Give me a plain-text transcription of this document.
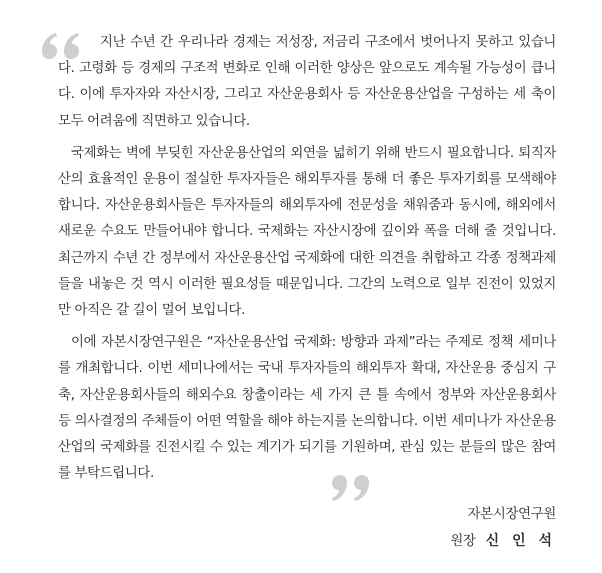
지난 수년 간 우리나라 경제는 저성장, 저금리 구조에서 벗어나지 못하고 있습니다. 고령화 등 경제의 구조적 변화로 인해 이러한 양상은 앞으로도 계속될 가능성이 큽니다. 이에 투자자와 자산시장, 그리고 자산운용회사 등 자산운용산업을 구성하는 세 축이 모두 어려움에 직면하고 있습니다.

국제화는 벽에 부딪힌 자산운용산업의 외연을 넓히기 위해 반드시 필요합니다. 퇴직자산의 효율적인 운용이 절실한 투자자들은 해외투자를 통해 더 좋은 투자기회를 모색해야 합니다. 자산운용회사들은 투자자들의 해외투자에 전문성을 채워줌과 동시에, 해외에서 새로운 수요도 만들어내야 합니다. 국제화는 자산시장에 깊이와 폭을 더해 줄 것입니다. 최근까지 수년 간 정부에서 자산운용산업 국제화에 대한 의견을 취합하고 각종 정책과제들을 내놓은 것 역시 이러한 필요성들 때문입니다. 그간의 노력으로 일부 진전이 있었지만 아직은 갈 길이 멀어 보입니다.

이에 자본시장연구원은 “자산운용산업 국제화: 방향과 과제”라는 주제로 정책 세미나를 개최합니다. 이번 세미나에서는 국내 투자자들의 해외투자 확대, 자산운용 중심지 구축, 자산운용회사들의 해외수요 창출이라는 세 가지 큰 틀 속에서 정부와 자산운용회사 등 의사결정의 주체들이 어떤 역할을 해야 하는지를 논의합니다. 이번 세미나가 자산운용산업의 국제화를 진전시킬 수 있는 계기가 되기를 기원하며, 관심 있는 분들의 많은 참여를 부탁드립니다.

자본시장연구원
원장 신 인 석
